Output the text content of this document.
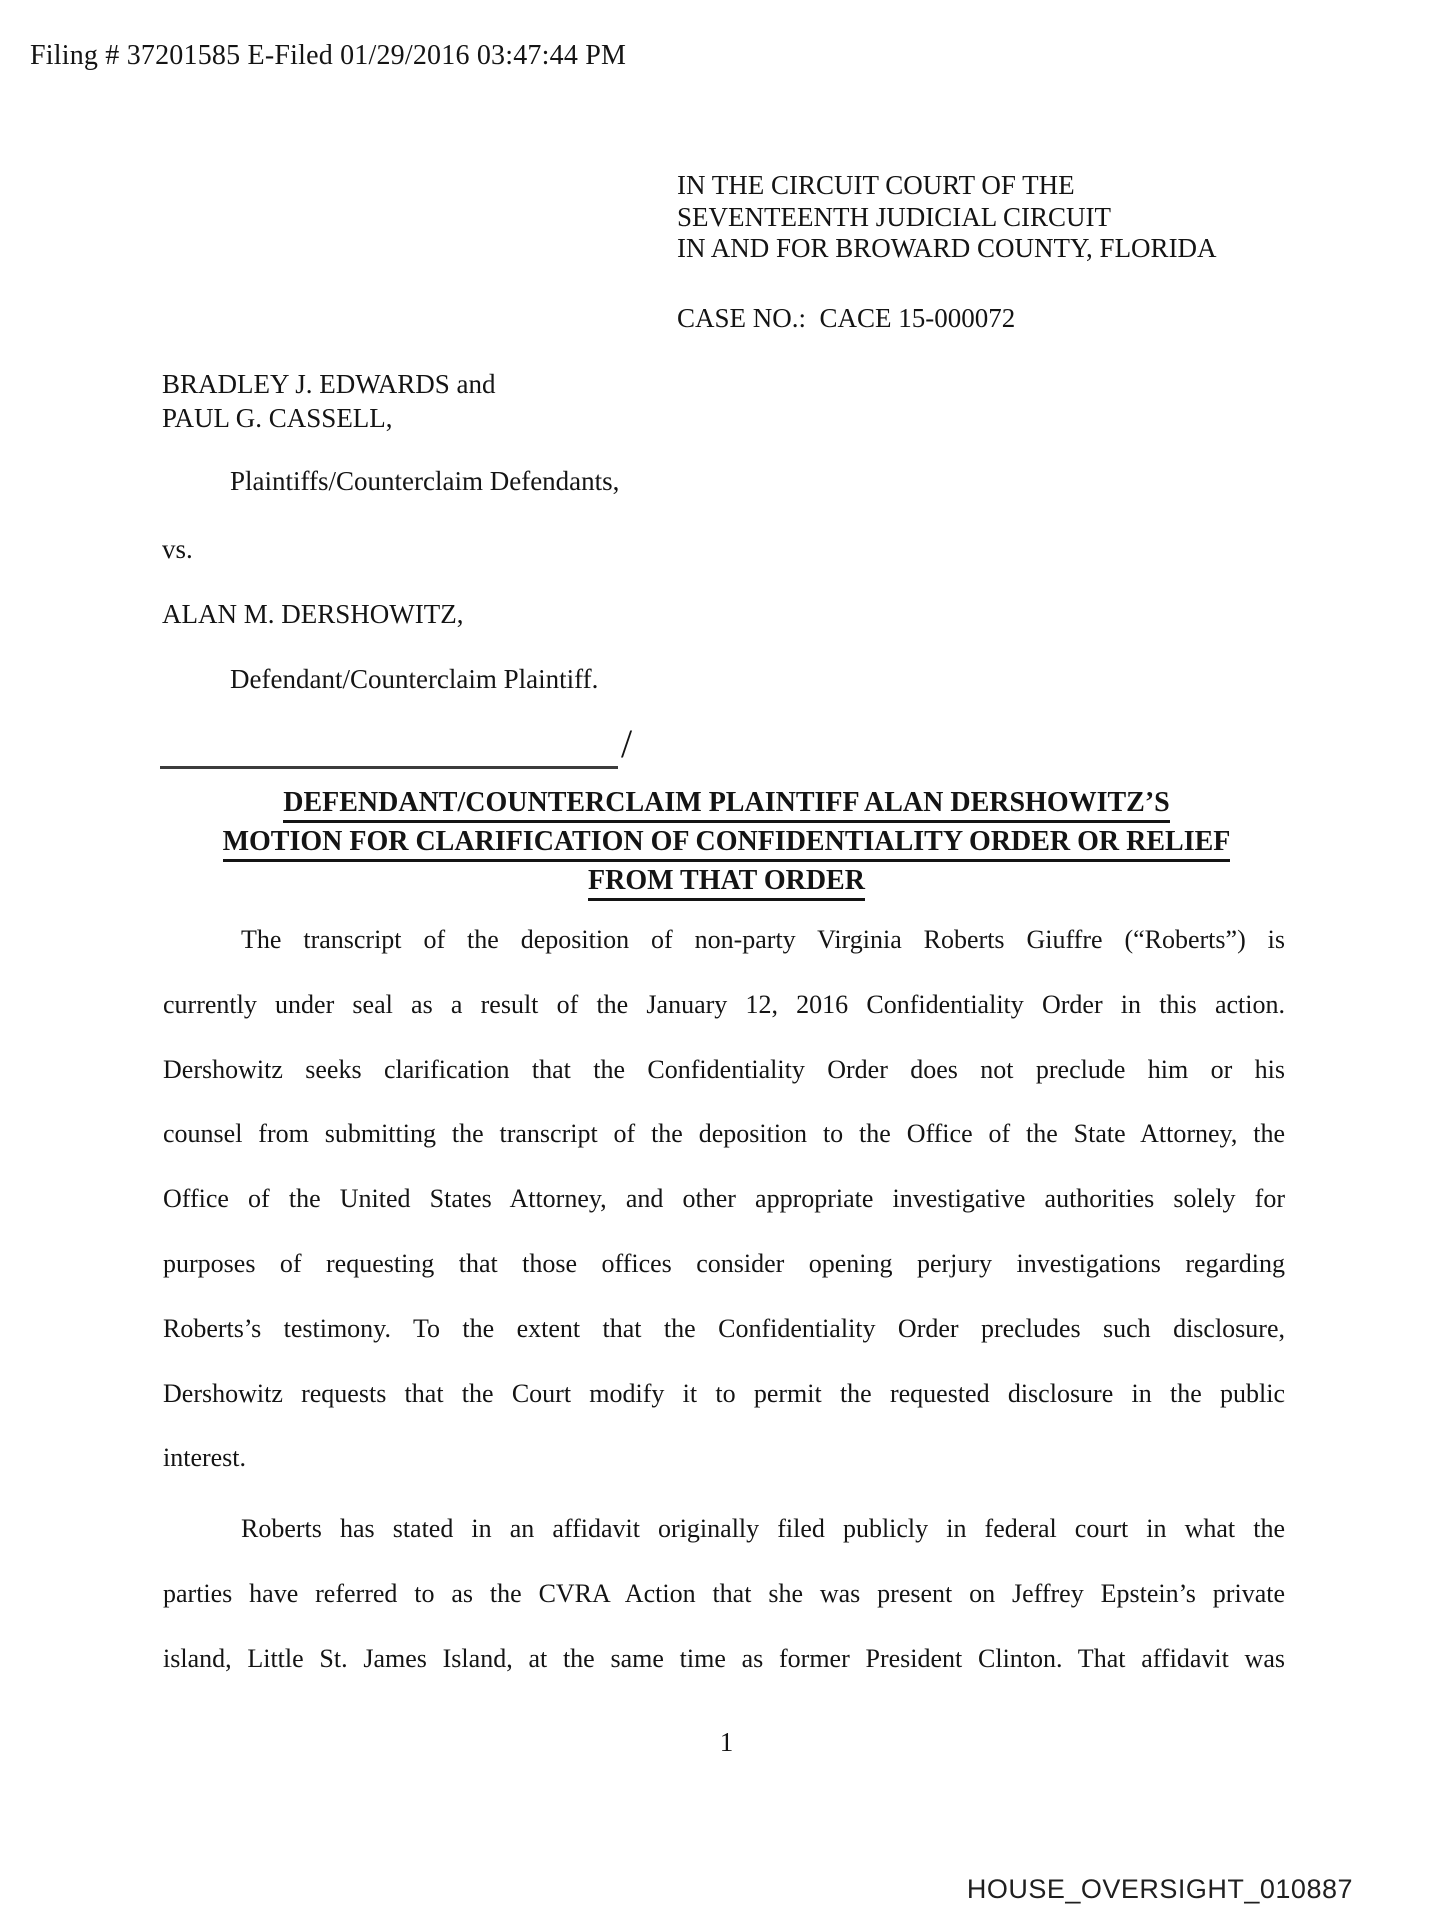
Filing # 37201585 E-Filed 01/29/2016 03:47:44 PM
IN THE CIRCUIT COURT OF THE
SEVENTEENTH JUDICIAL CIRCUIT
IN AND FOR BROWARD COUNTY, FLORIDA
CASE NO.:  CACE 15-000072
BRADLEY J. EDWARDS and
PAUL G. CASSELL,
Plaintiffs/Counterclaim Defendants,
vs.
ALAN M. DERSHOWITZ,
Defendant/Counterclaim Plaintiff.
/
DEFENDANT/COUNTERCLAIM PLAINTIFF ALAN DERSHOWITZ’S
MOTION FOR CLARIFICATION OF CONFIDENTIALITY ORDER OR RELIEF
FROM THAT ORDER
The transcript of the deposition of non-party Virginia Roberts Giuffre (“Roberts”) is
currently under seal as a result of the January 12, 2016 Confidentiality Order in this action.
Dershowitz seeks clarification that the Confidentiality Order does not preclude him or his
counsel from submitting the transcript of the deposition to the Office of the State Attorney, the
Office of the United States Attorney, and other appropriate investigative authorities solely for
purposes of requesting that those offices consider opening perjury investigations regarding
Roberts’s testimony. To the extent that the Confidentiality Order precludes such disclosure,
Dershowitz requests that the Court modify it to permit the requested disclosure in the public
interest.
Roberts has stated in an affidavit originally filed publicly in federal court in what the
parties have referred to as the CVRA Action that she was present on Jeffrey Epstein’s private
island, Little St. James Island, at the same time as former President Clinton. That affidavit was
1
HOUSE_OVERSIGHT_010887
